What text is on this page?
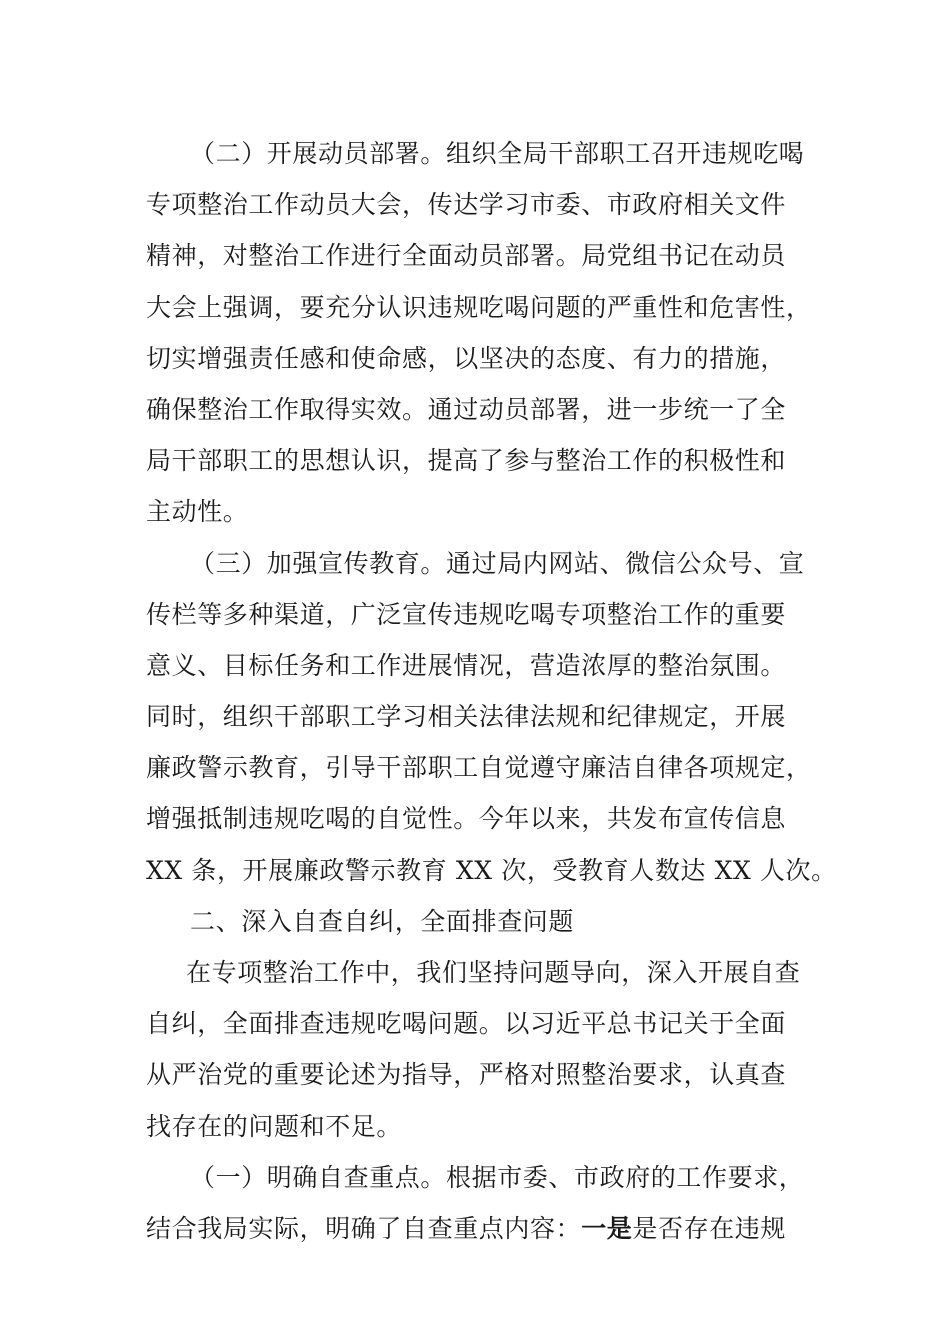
（二）开展动员部署。组织全局干部职工召开违规吃喝
专项整治工作动员大会，传达学习市委、市政府相关文件
精神，对整治工作进行全面动员部署。局党组书记在动员
大会上强调，要充分认识违规吃喝问题的严重性和危害性，
切实增强责任感和使命感，以坚决的态度、有力的措施，
确保整治工作取得实效。通过动员部署，进一步统一了全
局干部职工的思想认识，提高了参与整治工作的积极性和
主动性。
（三）加强宣传教育。通过局内网站、微信公众号、宣
传栏等多种渠道，广泛宣传违规吃喝专项整治工作的重要
意义、目标任务和工作进展情况，营造浓厚的整治氛围。
同时，组织干部职工学习相关法律法规和纪律规定，开展
廉政警示教育，引导干部职工自觉遵守廉洁自律各项规定，
增强抵制违规吃喝的自觉性。今年以来，共发布宣传信息
XX 条，开展廉政警示教育 XX 次，受教育人数达 XX 人次。
二、深入自查自纠，全面排查问题
在专项整治工作中，我们坚持问题导向，深入开展自查
自纠，全面排查违规吃喝问题。以习近平总书记关于全面
从严治党的重要论述为指导，严格对照整治要求，认真查
找存在的问题和不足。
（一）明确自查重点。根据市委、市政府的工作要求，
结合我局实际，明确了自查重点内容：一是是否存在违规
